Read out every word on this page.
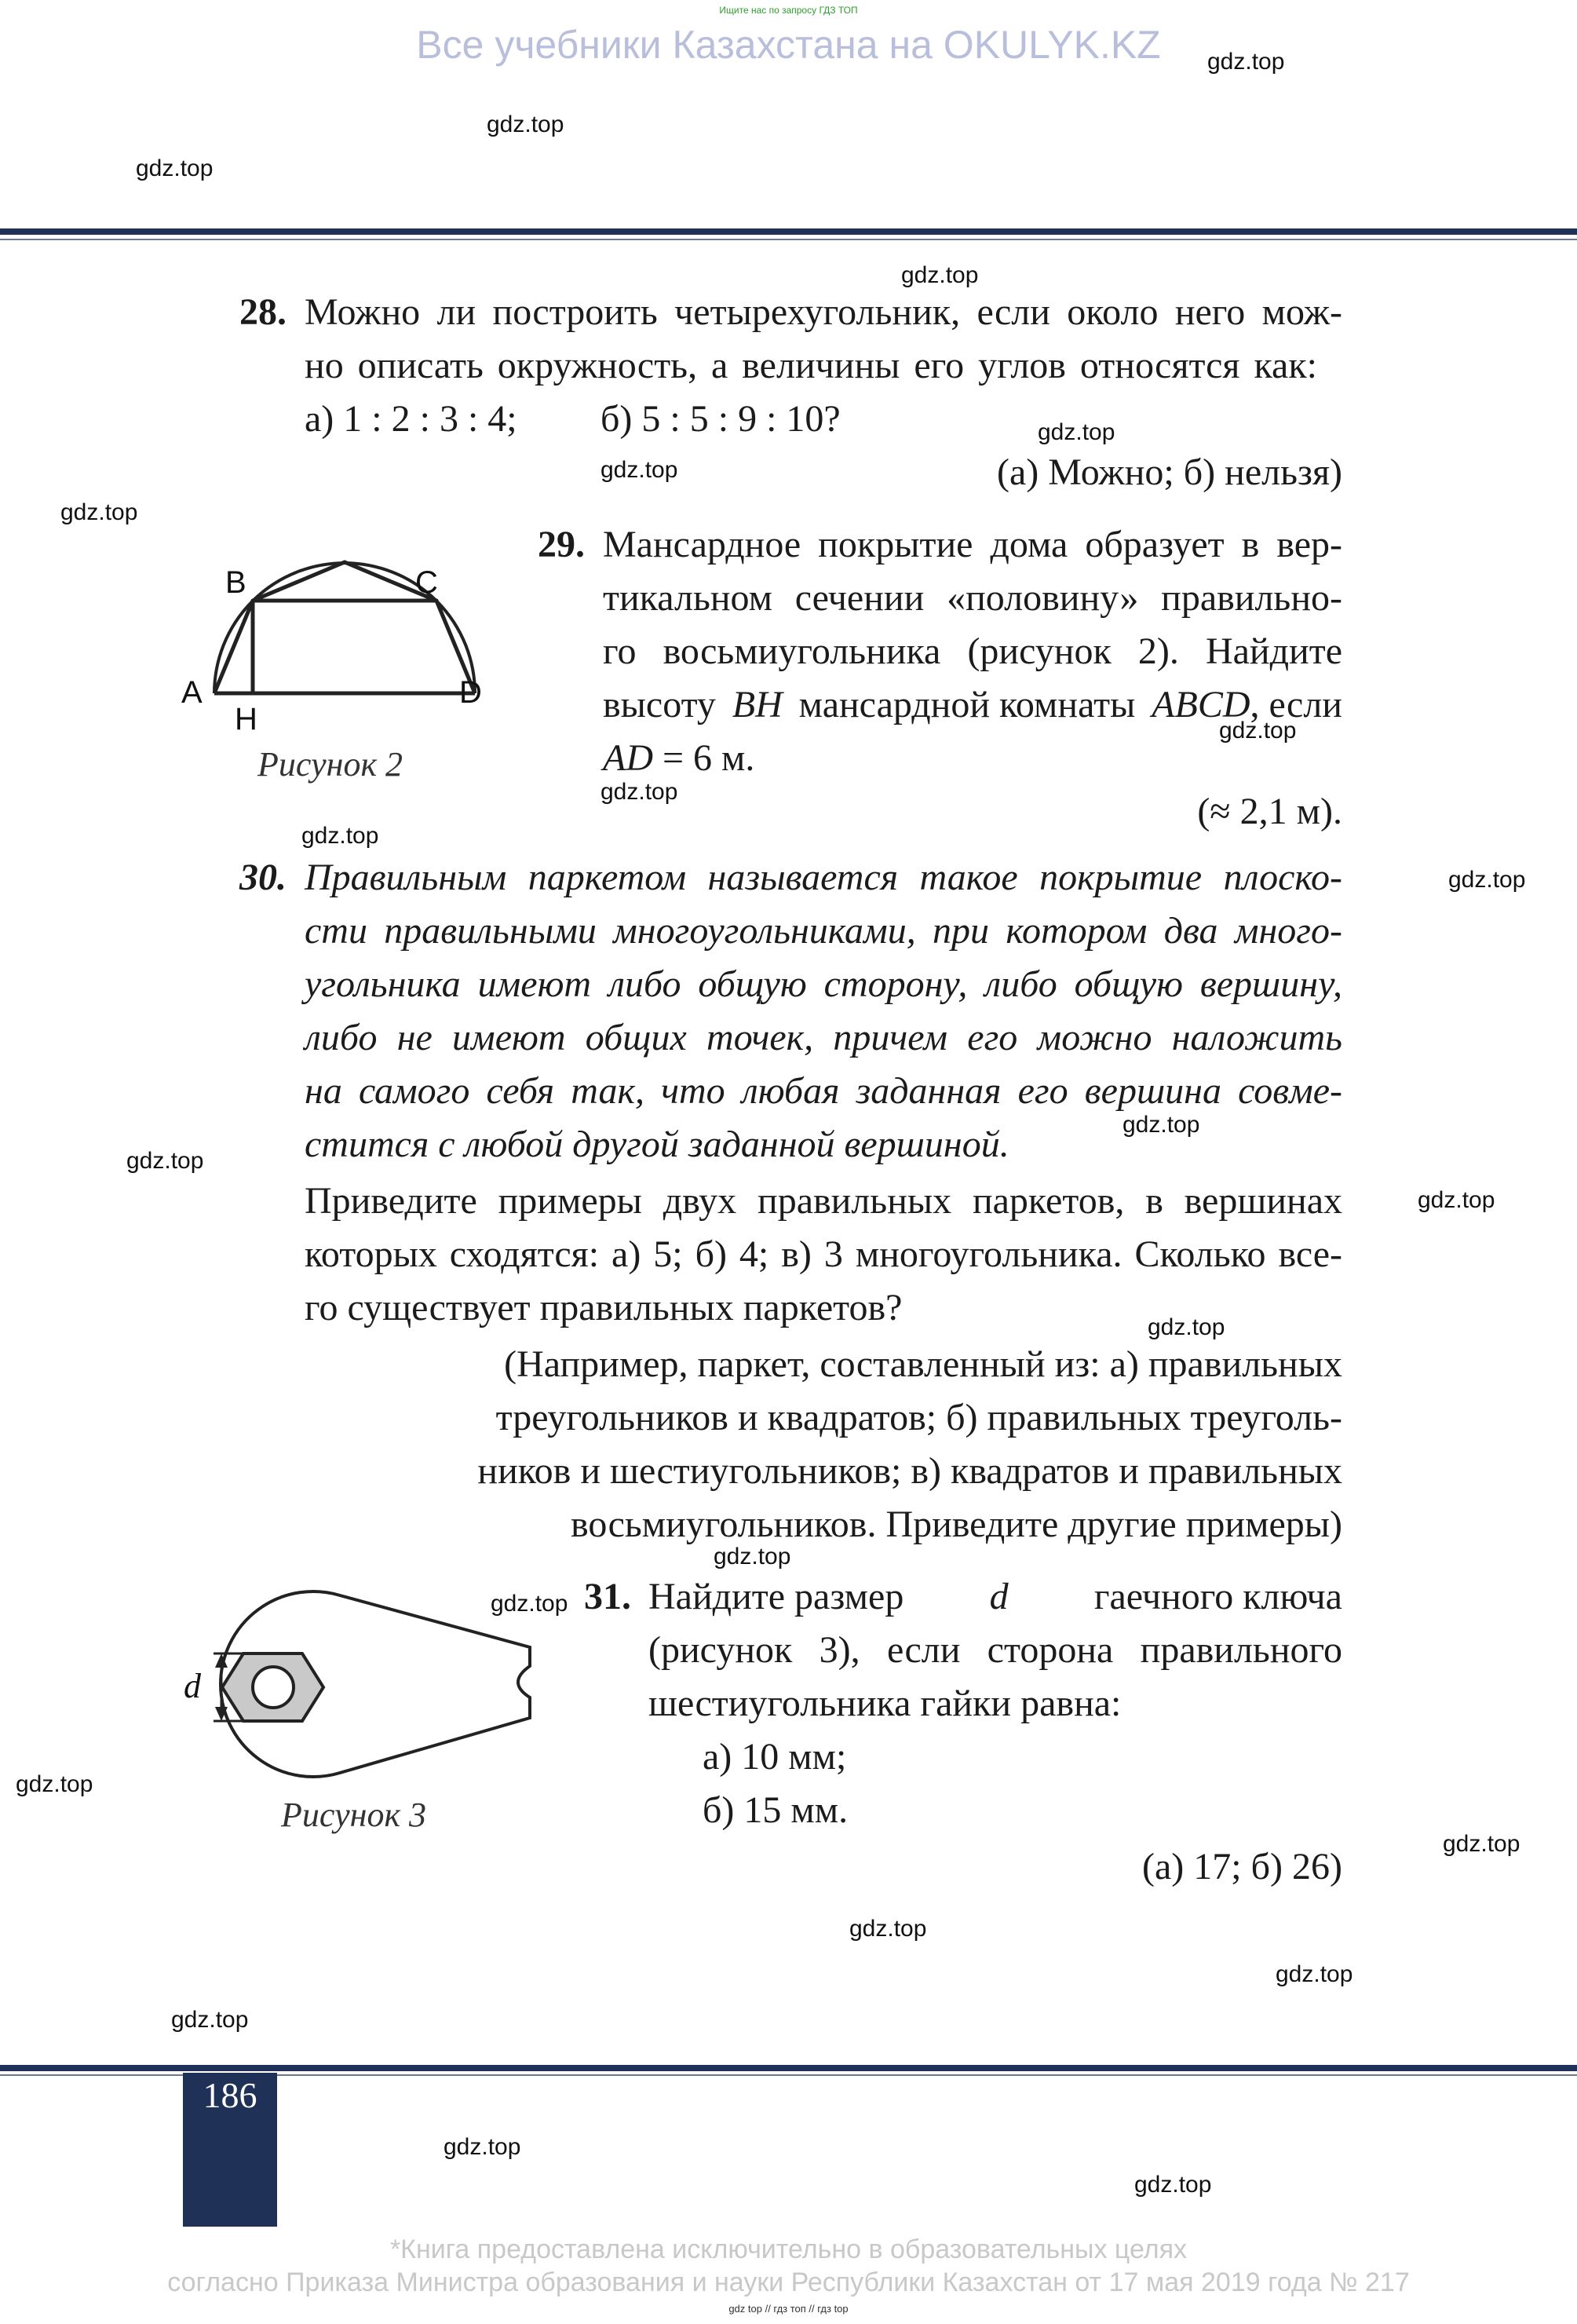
Ищите нас по запросу ГДЗ ТОП
Все учебники Казахстана на OKULYK.KZ	gdz.top
gdz.top
gdz.top
gdz.top
gdz.top
gdz.top
gdz.top
gdz.top
gdz.top
gdz.top
gdz.top
gdz.top
gdz.top
gdz.top
gdz.top
gdz.top
gdz.top
gdz.top
gdz.top
gdz.top
gdz.top
gdz.top
gdz.top
gdz.top
28. Можно ли построить четырехугольник, если около него мож-
но описать окружность, а величины его углов относятся как:
а) 1 : 2 : 3 : 4; б) 5 : 5 : 9 : 10?
(а) Можно; б) нельзя)
B	C
A	D
H
Рисунок 2
29. Мансардное покрытие дома образует в вер-
тикальном сечении «половину» правильно-
го восьмиугольника (рисунок 2). Найдите
высоту BH мансардной комнаты ABCD, если
AD = 6 м.
(≈ 2,1 м).
30. Правильным паркетом называется такое покрытие плоско-
сти правильными многоугольниками, при котором два много-
угольника имеют либо общую сторону, либо общую вершину,
либо не имеют общих точек, причем его можно наложить
на самого себя так, что любая заданная его вершина совме-
стится с любой другой заданной вершиной.
Приведите примеры двух правильных паркетов, в вершинах
которых сходятся: а) 5; б) 4; в) 3 многоугольника. Сколько все-
го существует правильных паркетов?
(Например, паркет, составленный из: а) правильных
треугольников и квадратов; б) правильных треуголь-
ников и шестиугольников; в) квадратов и правильных
восьмиугольников. Приведите другие примеры)
d
Рисунок 3
31. Найдите размер d гаечного ключа
(рисунок 3), если сторона правильного
шестиугольника гайки равна:
а) 10 мм;
б) 15 мм.
(а) 17; б) 26)
186
*Книга предоставлена исключительно в образовательных целях
согласно Приказа Министра образования и науки Республики Казахстан от 17 мая 2019 года № 217
gdz top // гдз топ // гдз top
